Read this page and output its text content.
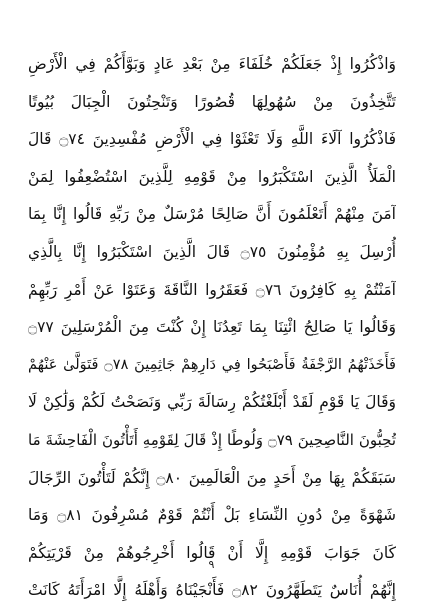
وَاذْكُرُوا إِذْ جَعَلَكُمْ خُلَفَاءَ مِنْ بَعْدِ عَادٍ وَبَوَّأَكُمْ فِي الْأَرْضِ
تَتَّخِذُونَ مِنْ سُهُولِهَا قُصُورًا وَتَنْحِتُونَ الْجِبَالَ بُيُوتًا
فَاذْكُرُوا آلَاءَ اللَّهِ وَلَا تَعْثَوْا فِي الْأَرْضِ مُفْسِدِينَ ۝٧٤ قَالَ
الْمَلَأُ الَّذِينَ اسْتَكْبَرُوا مِنْ قَوْمِهِ لِلَّذِينَ اسْتُضْعِفُوا لِمَنْ
آمَنَ مِنْهُمْ أَتَعْلَمُونَ أَنَّ صَالِحًا مُرْسَلٌ مِنْ رَبِّهِ قَالُوا إِنَّا بِمَا
أُرْسِلَ بِهِ مُؤْمِنُونَ ۝٧٥ قَالَ الَّذِينَ اسْتَكْبَرُوا إِنَّا بِالَّذِي
آمَنْتُمْ بِهِ كَافِرُونَ ۝٧٦ فَعَقَرُوا النَّاقَةَ وَعَتَوْا عَنْ أَمْرِ رَبِّهِمْ
وَقَالُوا يَا صَالِحُ ائْتِنَا بِمَا تَعِدُنَا إِنْ كُنْتَ مِنَ الْمُرْسَلِينَ ۝٧٧
فَأَخَذَتْهُمُ الرَّجْفَةُ فَأَصْبَحُوا فِي دَارِهِمْ جَاثِمِينَ ۝٧٨ فَتَوَلَّىٰ عَنْهُمْ
وَقَالَ يَا قَوْمِ لَقَدْ أَبْلَغْتُكُمْ رِسَالَةَ رَبِّي وَنَصَحْتُ لَكُمْ وَلَٰكِنْ لَا
تُحِبُّونَ النَّاصِحِينَ ۝٧٩ وَلُوطًا إِذْ قَالَ لِقَوْمِهِ أَتَأْتُونَ الْفَاحِشَةَ مَا
سَبَقَكُمْ بِهَا مِنْ أَحَدٍ مِنَ الْعَالَمِينَ ۝٨٠ إِنَّكُمْ لَتَأْتُونَ الرِّجَالَ
شَهْوَةً مِنْ دُونِ النِّسَاءِ بَلْ أَنْتُمْ قَوْمٌ مُسْرِفُونَ ۝٨١ وَمَا
كَانَ جَوَابَ قَوْمِهِ إِلَّا أَنْ قَالُوا أَخْرِجُوهُمْ مِنْ قَرْيَتِكُمْ
إِنَّهُمْ أُنَاسٌ يَتَطَهَّرُونَ ۝٨٢ فَأَنْجَيْنَاهُ وَأَهْلَهُ إِلَّا امْرَأَتَهُ كَانَتْ
٩
